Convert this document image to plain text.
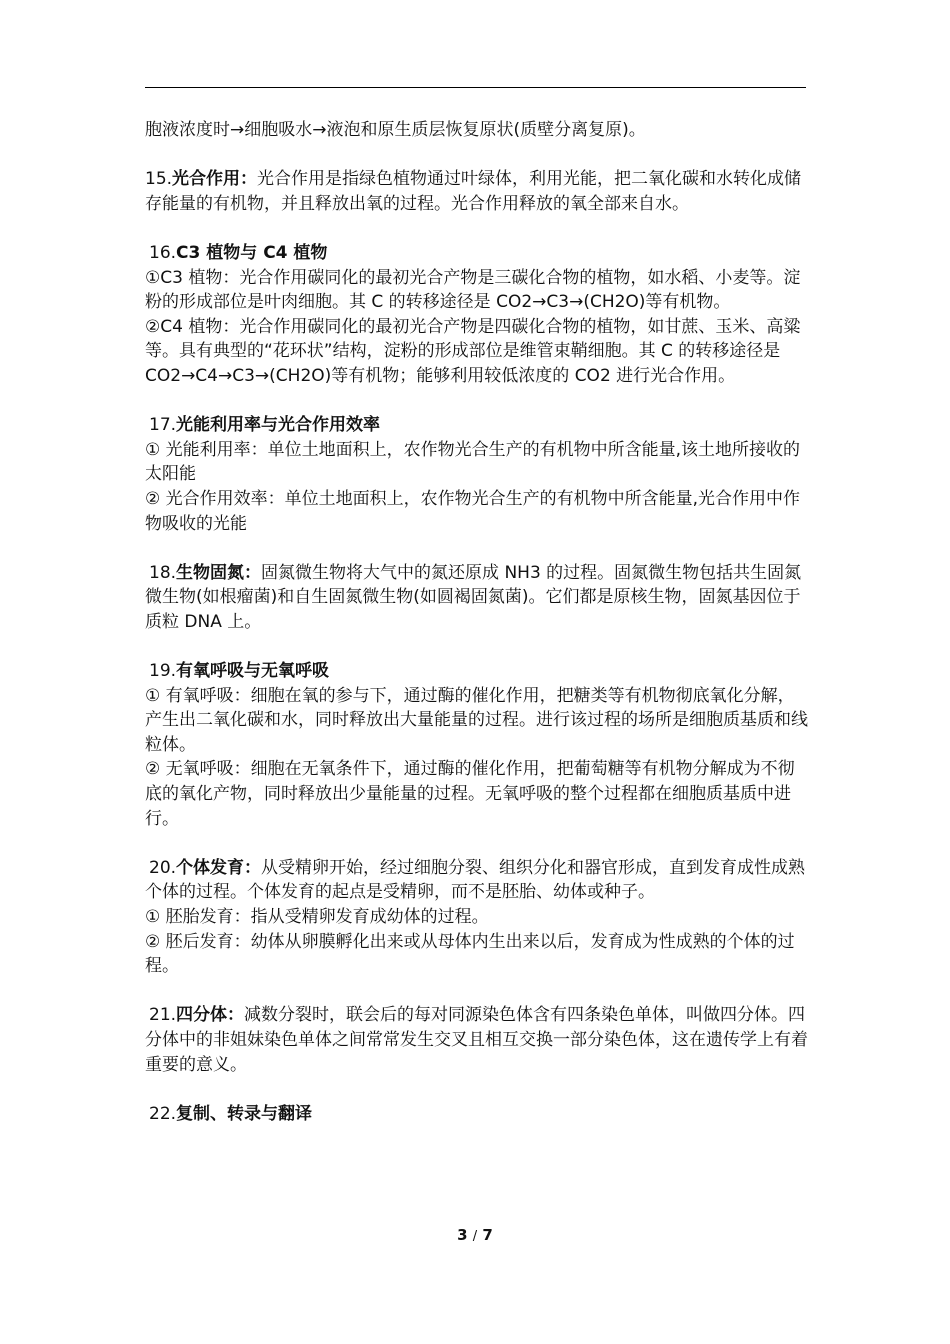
胞液浓度时→细胞吸水→液泡和原生质层恢复原状(质壁分离复原)。

15.光合作用：光合作用是指绿色植物通过叶绿体，利用光能，把二氧化碳和水转化成储存能量的有机物，并且释放出氧的过程。光合作用释放的氧全部来自水。

16.C3 植物与 C4 植物

①C3 植物：光合作用碳同化的最初光合产物是三碳化合物的植物，如水稻、小麦等。淀粉的形成部位是叶肉细胞。其 C 的转移途径是 CO2→C3→(CH2O)等有机物。

②C4 植物：光合作用碳同化的最初光合产物是四碳化合物的植物，如甘蔗、玉米、高粱等。具有典型的“花环状”结构，淀粉的形成部位是维管束鞘细胞。其 C 的转移途径是 CO2→C4→C3→(CH2O)等有机物；能够利用较低浓度的 CO2 进行光合作用。

17.光能利用率与光合作用效率

① 光能利用率：单位土地面积上，农作物光合生产的有机物中所含能量,该土地所接收的太阳能

② 光合作用效率：单位土地面积上，农作物光合生产的有机物中所含能量,光合作用中作物吸收的光能

18.生物固氮：固氮微生物将大气中的氮还原成 NH3 的过程。固氮微生物包括共生固氮微生物(如根瘤菌)和自生固氮微生物(如圆褐固氮菌)。它们都是原核生物，固氮基因位于质粒 DNA 上。

19.有氧呼吸与无氧呼吸

① 有氧呼吸：细胞在氧的参与下，通过酶的催化作用，把糖类等有机物彻底氧化分解，产生出二氧化碳和水，同时释放出大量能量的过程。进行该过程的场所是细胞质基质和线粒体。

② 无氧呼吸：细胞在无氧条件下，通过酶的催化作用，把葡萄糖等有机物分解成为不彻底的氧化产物，同时释放出少量能量的过程。无氧呼吸的整个过程都在细胞质基质中进行。

20.个体发育：从受精卵开始，经过细胞分裂、组织分化和器官形成，直到发育成性成熟个体的过程。个体发育的起点是受精卵，而不是胚胎、幼体或种子。

① 胚胎发育：指从受精卵发育成幼体的过程。

② 胚后发育：幼体从卵膜孵化出来或从母体内生出来以后，发育成为性成熟的个体的过程。

21.四分体：减数分裂时，联会后的每对同源染色体含有四条染色单体，叫做四分体。四分体中的非姐妹染色单体之间常常发生交叉且相互交换一部分染色体，这在遗传学上有着重要的意义。

22.复制、转录与翻译

3 / 7
